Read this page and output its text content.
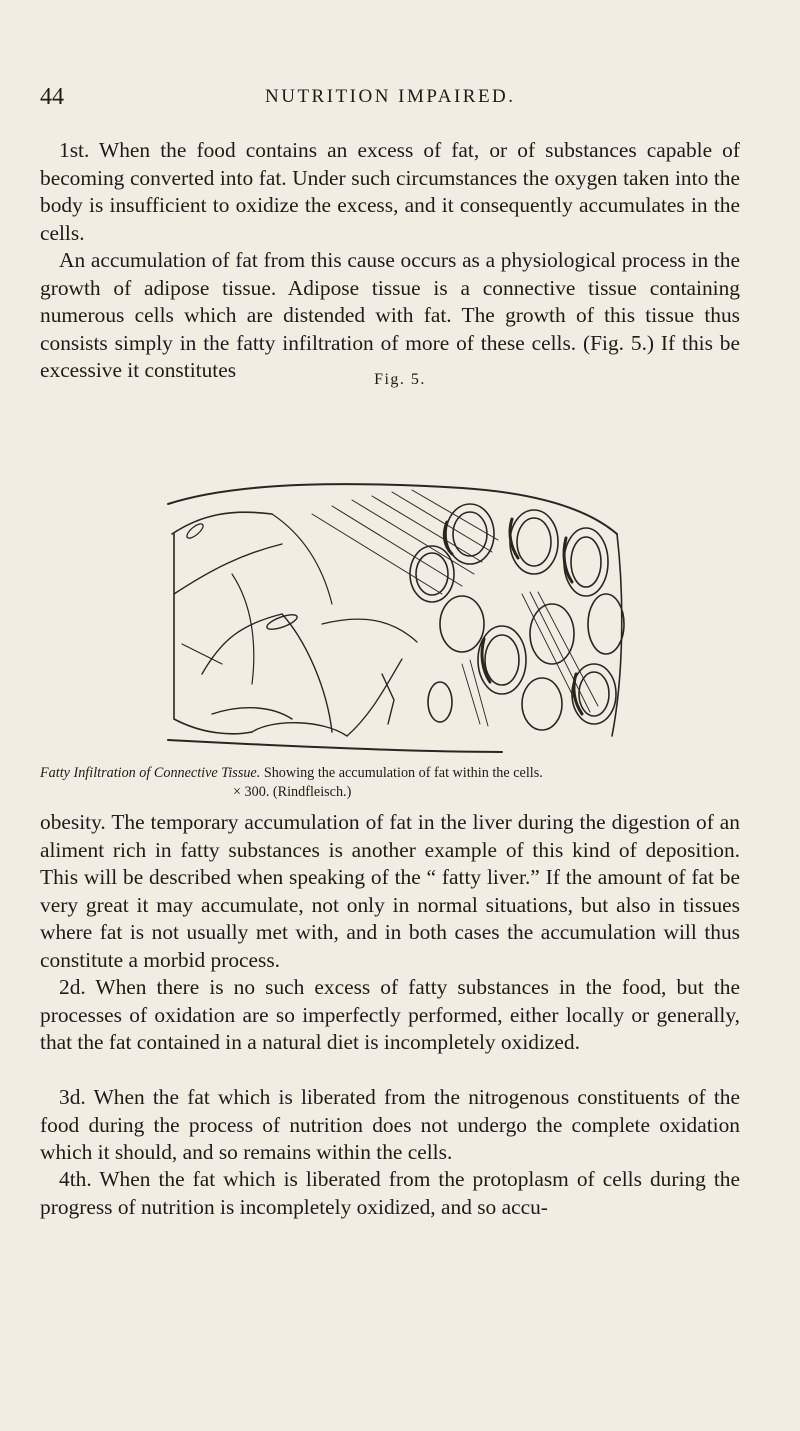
44	NUTRITION IMPAIRED.

1st. When the food contains an excess of fat, or of substances capable of becoming converted into fat. Under such circumstances the oxygen taken into the body is insufficient to oxidize the excess, and it consequently accumulates in the cells.

An accumulation of fat from this cause occurs as a physiological process in the growth of adipose tissue. Adipose tissue is a connective tissue containing numerous cells which are distended with fat. The growth of this tissue thus consists simply in the fatty infiltration of more of these cells. (Fig. 5.) If this be excessive it constitutes	Fig. 5.
Fatty Infiltration of Connective Tissue. Showing the accumulation of fat within the cells.
× 300. (Rindfleisch.)

obesity. The temporary accumulation of fat in the liver during the digestion of an aliment rich in fatty substances is another example of this kind of deposition. This will be described when speaking of the “ fatty liver.” If the amount of fat be very great it may accumulate, not only in normal situations, but also in tissues where fat is not usually met with, and in both cases the accumulation will thus constitute a morbid process.

2d. When there is no such excess of fatty substances in the food, but the processes of oxidation are so imperfectly performed, either locally or generally, that the fat contained in a natural diet is incompletely oxidized.

3d. When the fat which is liberated from the nitrogenous constituents of the food during the process of nutrition does not undergo the complete oxidation which it should, and so remains within the cells.

4th. When the fat which is liberated from the protoplasm of cells during the progress of nutrition is incompletely oxidized, and so accu-
